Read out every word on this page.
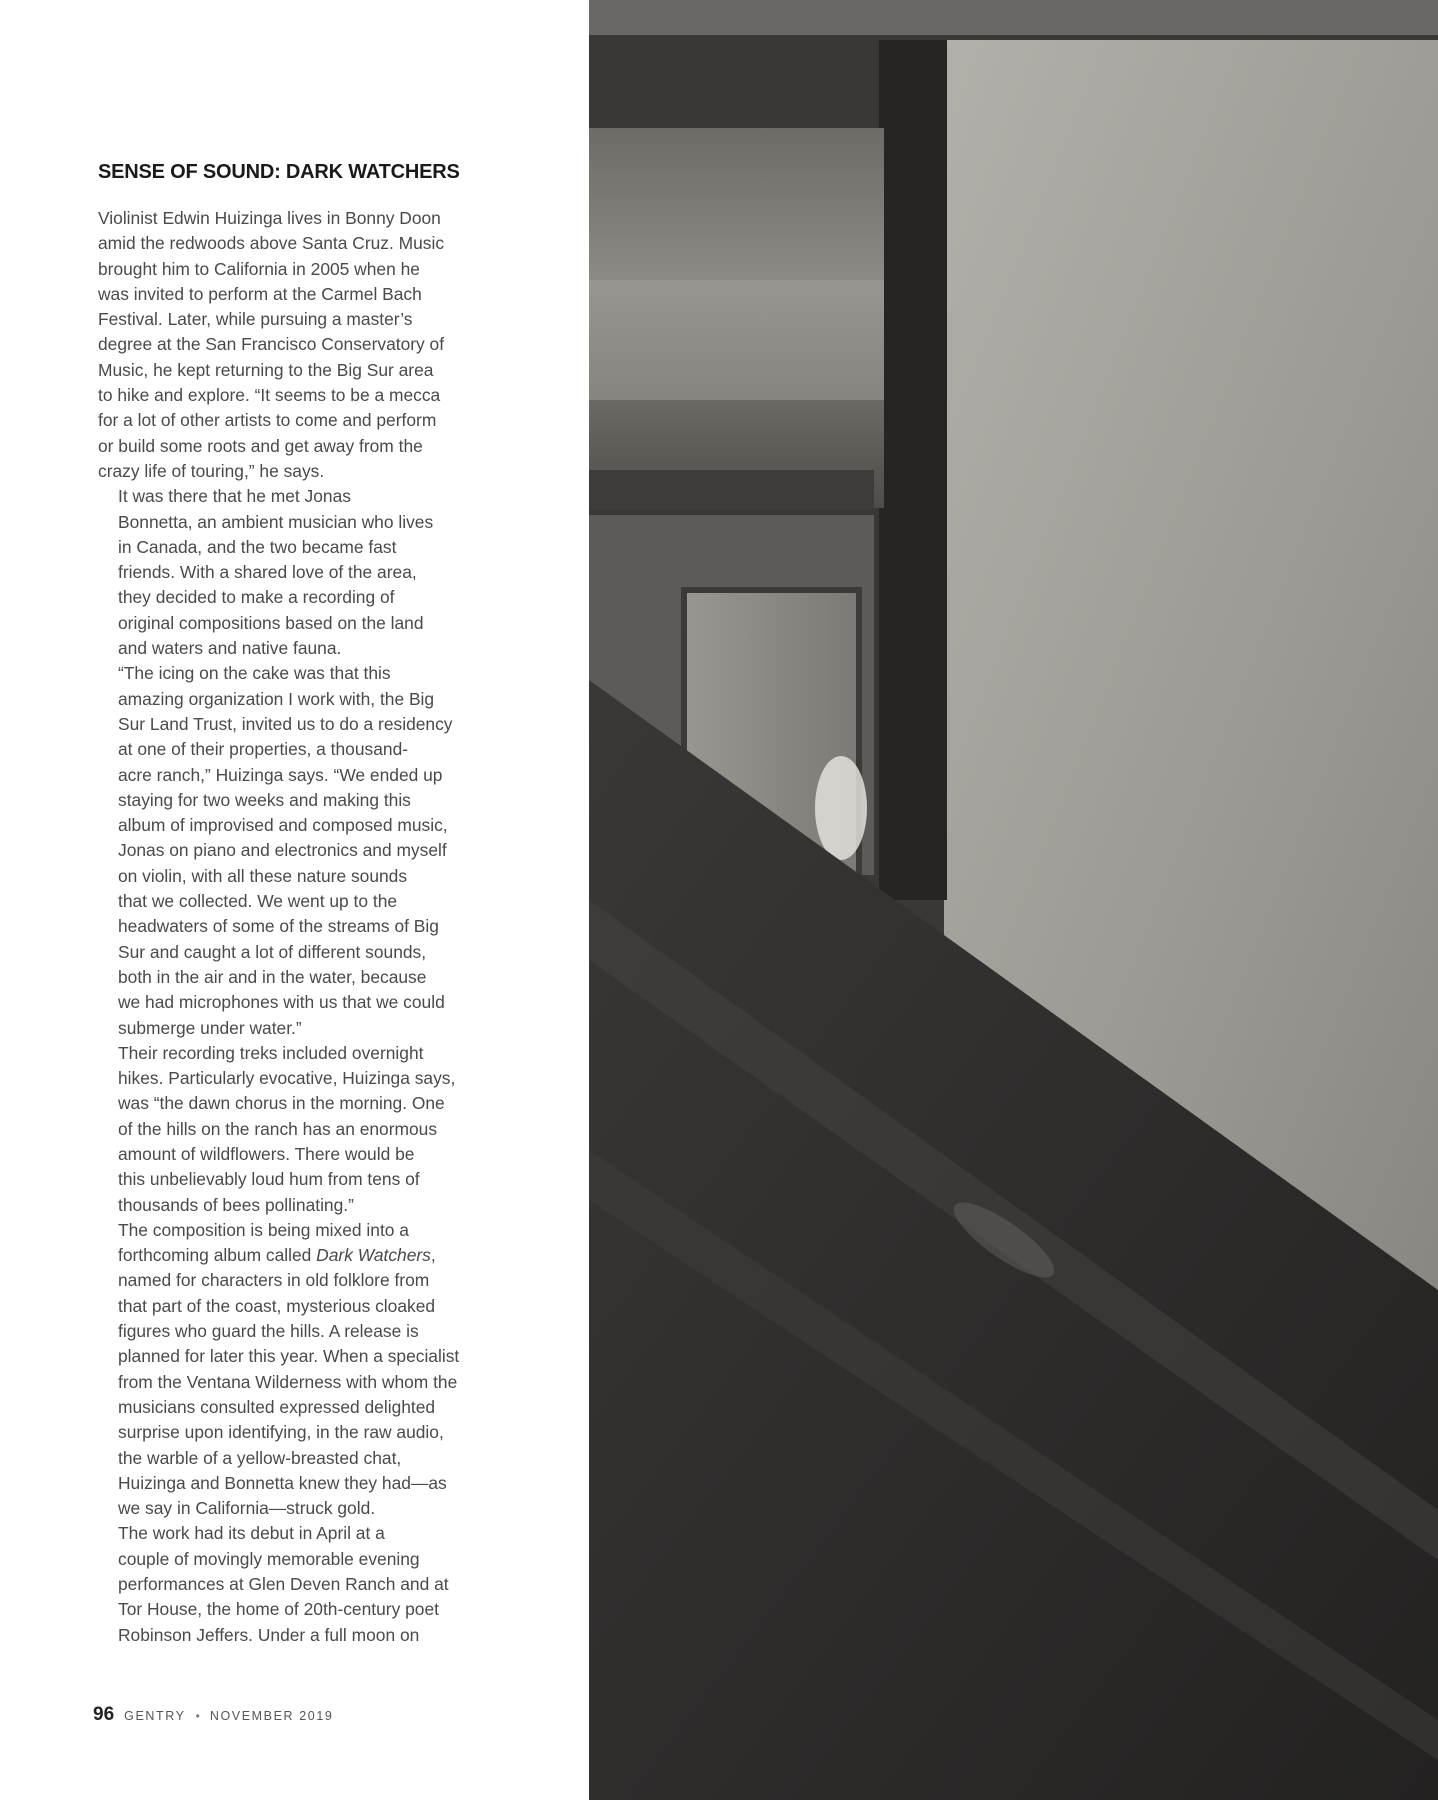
SENSE OF SOUND: DARK WATCHERS

Violinist Edwin Huizinga lives in Bonny Doon
amid the redwoods above Santa Cruz. Music
brought him to California in 2005 when he
was invited to perform at the Carmel Bach
Festival. Later, while pursuing a master’s
degree at the San Francisco Conservatory of
Music, he kept returning to the Big Sur area
to hike and explore. “It seems to be a mecca
for a lot of other artists to come and perform
or build some roots and get away from the
crazy life of touring,” he says.

It was there that he met Jonas
Bonnetta, an ambient musician who lives
in Canada, and the two became fast
friends. With a shared love of the area,
they decided to make a recording of
original compositions based on the land
and waters and native fauna.

“The icing on the cake was that this
amazing organization I work with, the Big
Sur Land Trust, invited us to do a residency
at one of their properties, a thousand-
acre ranch,” Huizinga says. “We ended up
staying for two weeks and making this
album of improvised and composed music,
Jonas on piano and electronics and myself
on violin, with all these nature sounds
that we collected. We went up to the
headwaters of some of the streams of Big
Sur and caught a lot of different sounds,
both in the air and in the water, because
we had microphones with us that we could
submerge under water.”

Their recording treks included overnight
hikes. Particularly evocative, Huizinga says,
was “the dawn chorus in the morning. One
of the hills on the ranch has an enormous
amount of wildflowers. There would be
this unbelievably loud hum from tens of
thousands of bees pollinating.”

The composition is being mixed into a
forthcoming album called Dark Watchers,
named for characters in old folklore from
that part of the coast, mysterious cloaked
figures who guard the hills. A release is
planned for later this year. When a specialist
from the Ventana Wilderness with whom the
musicians consulted expressed delighted
surprise upon identifying, in the raw audio,
the warble of a yellow-breasted chat,
Huizinga and Bonnetta knew they had—as
we say in California—struck gold.

The work had its debut in April at a
couple of movingly memorable evening
performances at Glen Deven Ranch and at
Tor House, the home of 20th-century poet
Robinson Jeffers. Under a full moon on

96 GENTRY • NOVEMBER 2019
